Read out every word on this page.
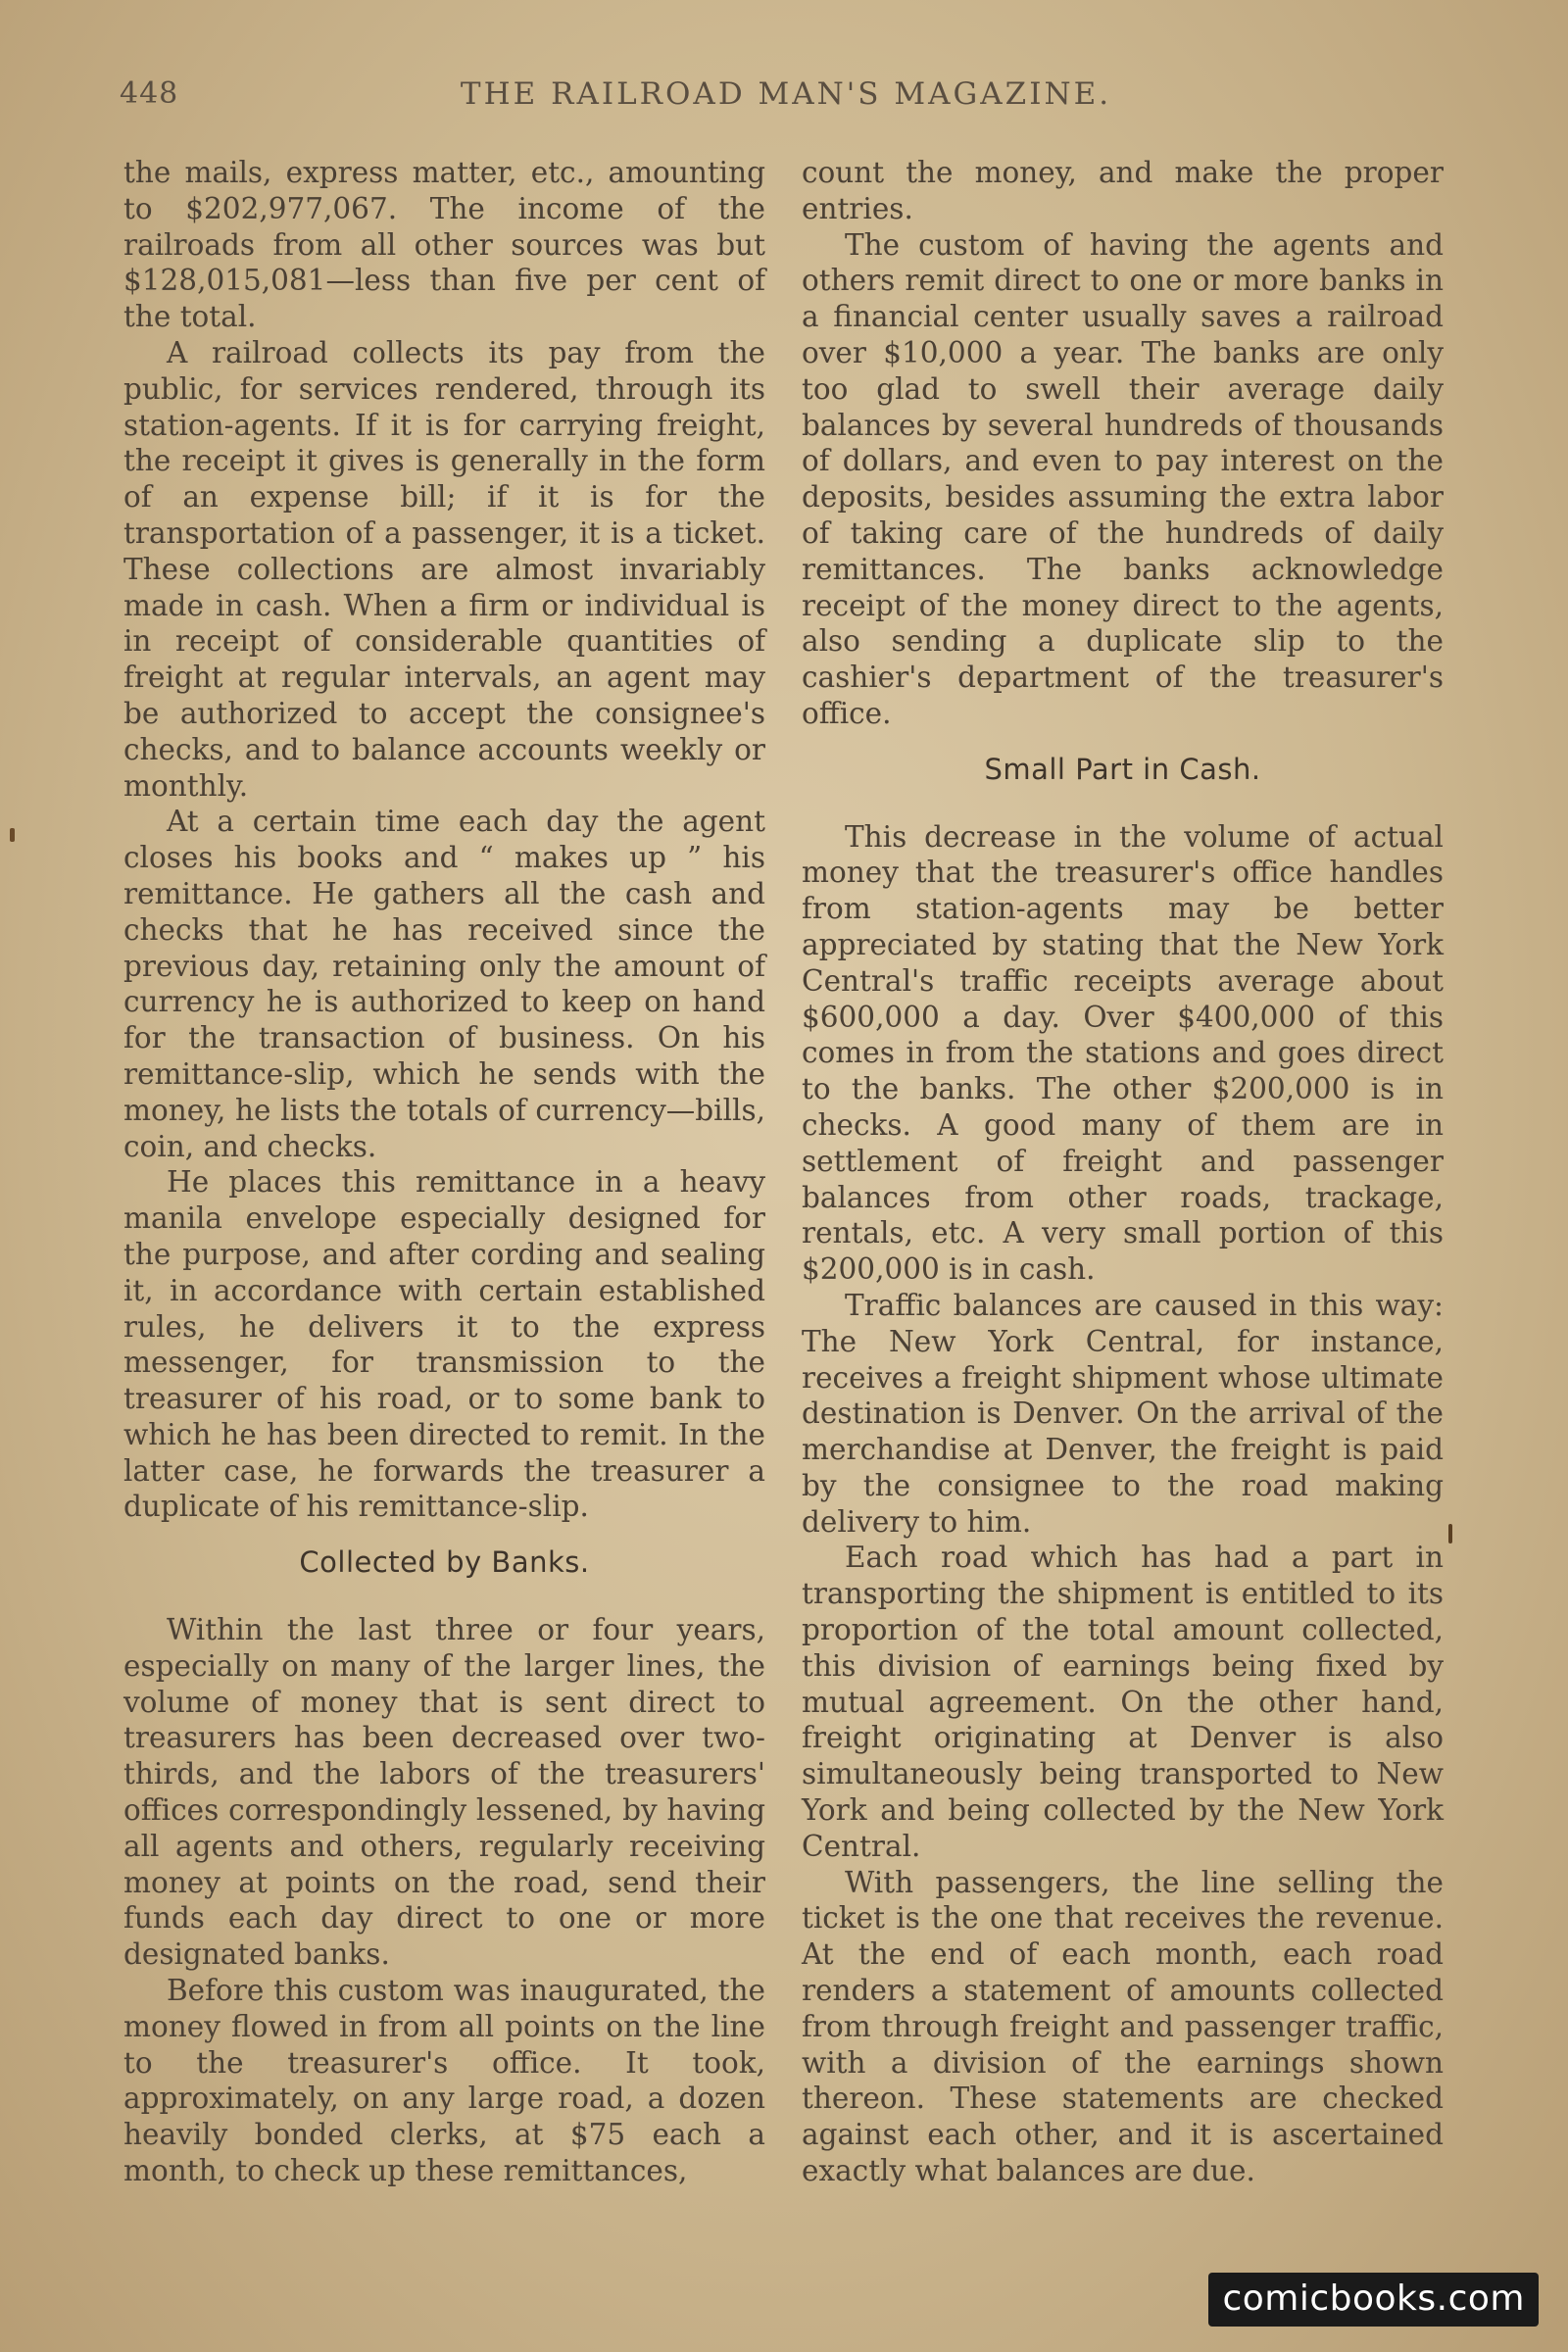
448	THE RAILROAD MAN'S MAGAZINE.

the mails, express matter, etc., amounting to $202,977,067. The income of the railroads from all other sources was but $128,015,081—less than five per cent of the total.

A railroad collects its pay from the public, for services rendered, through its station-agents. If it is for carrying freight, the receipt it gives is generally in the form of an expense bill; if it is for the transportation of a passenger, it is a ticket. These collections are almost invariably made in cash. When a firm or individual is in receipt of considerable quantities of freight at regular intervals, an agent may be authorized to accept the consignee's checks, and to balance accounts weekly or monthly.

At a certain time each day the agent closes his books and “ makes up ” his remittance. He gathers all the cash and checks that he has received since the previous day, retaining only the amount of currency he is authorized to keep on hand for the transaction of business. On his remittance-slip, which he sends with the money, he lists the totals of currency—bills, coin, and checks.

He places this remittance in a heavy manila envelope especially designed for the purpose, and after cording and sealing it, in accordance with certain established rules, he delivers it to the express messenger, for transmission to the treasurer of his road, or to some bank to which he has been directed to remit. In the latter case, he forwards the treasurer a duplicate of his remittance-slip.

Collected by Banks.

Within the last three or four years, especially on many of the larger lines, the volume of money that is sent direct to treasurers has been decreased over two-thirds, and the labors of the treasurers' offices correspondingly lessened, by having all agents and others, regularly receiving money at points on the road, send their funds each day direct to one or more designated banks.

Before this custom was inaugurated, the money flowed in from all points on the line to the treasurer's office. It took, approximately, on any large road, a dozen heavily bonded clerks, at $75 each a month, to check up these remittances,

count the money, and make the proper entries.

The custom of having the agents and others remit direct to one or more banks in a financial center usually saves a railroad over $10,000 a year. The banks are only too glad to swell their average daily balances by several hundreds of thousands of dollars, and even to pay interest on the deposits, besides assuming the extra labor of taking care of the hundreds of daily remittances. The banks acknowledge receipt of the money direct to the agents, also sending a duplicate slip to the cashier's department of the treasurer's office.

Small Part in Cash.

This decrease in the volume of actual money that the treasurer's office handles from station-agents may be better appreciated by stating that the New York Central's traffic receipts average about $600,000 a day. Over $400,000 of this comes in from the stations and goes direct to the banks. The other $200,000 is in checks. A good many of them are in settlement of freight and passenger balances from other roads, trackage, rentals, etc. A very small portion of this $200,000 is in cash.

Traffic balances are caused in this way: The New York Central, for instance, receives a freight shipment whose ultimate destination is Denver. On the arrival of the merchandise at Denver, the freight is paid by the consignee to the road making delivery to him.

Each road which has had a part in transporting the shipment is entitled to its proportion of the total amount collected, this division of earnings being fixed by mutual agreement. On the other hand, freight originating at Denver is also simultaneously being transported to New York and being collected by the New York Central.

With passengers, the line selling the ticket is the one that receives the revenue. At the end of each month, each road renders a statement of amounts collected from through freight and passenger traffic, with a division of the earnings shown thereon. These statements are checked against each other, and it is ascertained exactly what balances are due.

comicbooks.com
